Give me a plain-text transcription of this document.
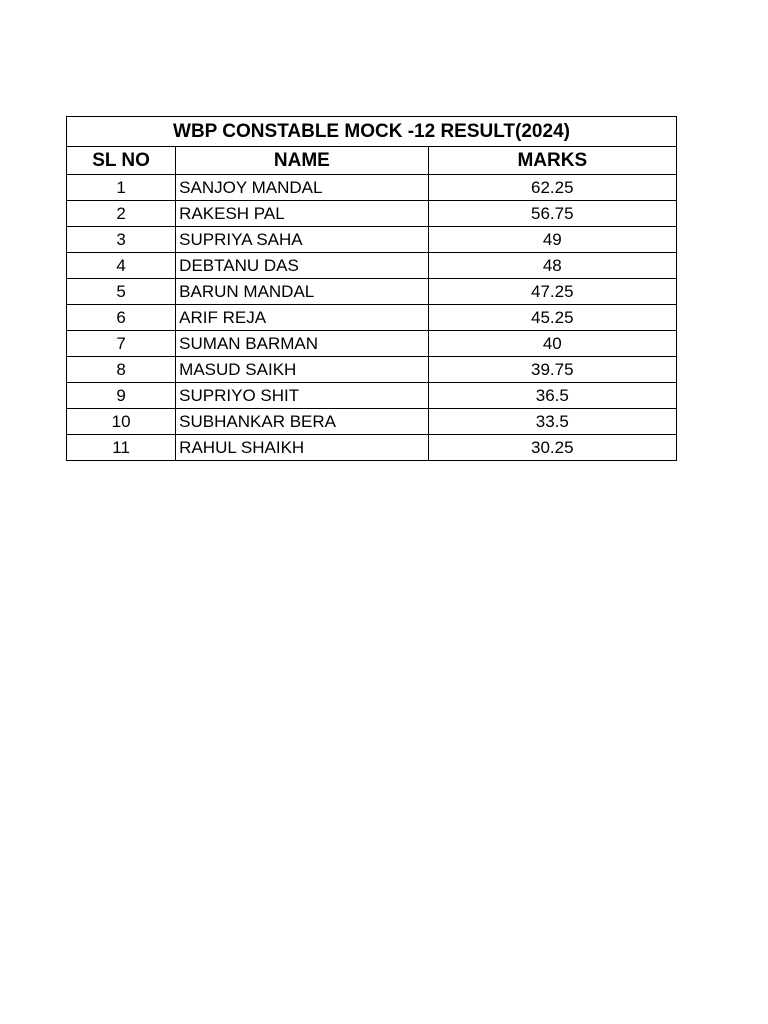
WBP CONSTABLE MOCK -12 RESULT(2024)		
SL NO	NAME	MARKS
1	SANJOY MANDAL	62.25
2	RAKESH PAL	56.75
3	SUPRIYA SAHA	49
4	DEBTANU DAS	48
5	BARUN MANDAL	47.25
6	ARIF REJA	45.25
7	SUMAN BARMAN	40
8	MASUD SAIKH	39.75
9	SUPRIYO SHIT	36.5
10	SUBHANKAR BERA	33.5
11	RAHUL SHAIKH	30.25
